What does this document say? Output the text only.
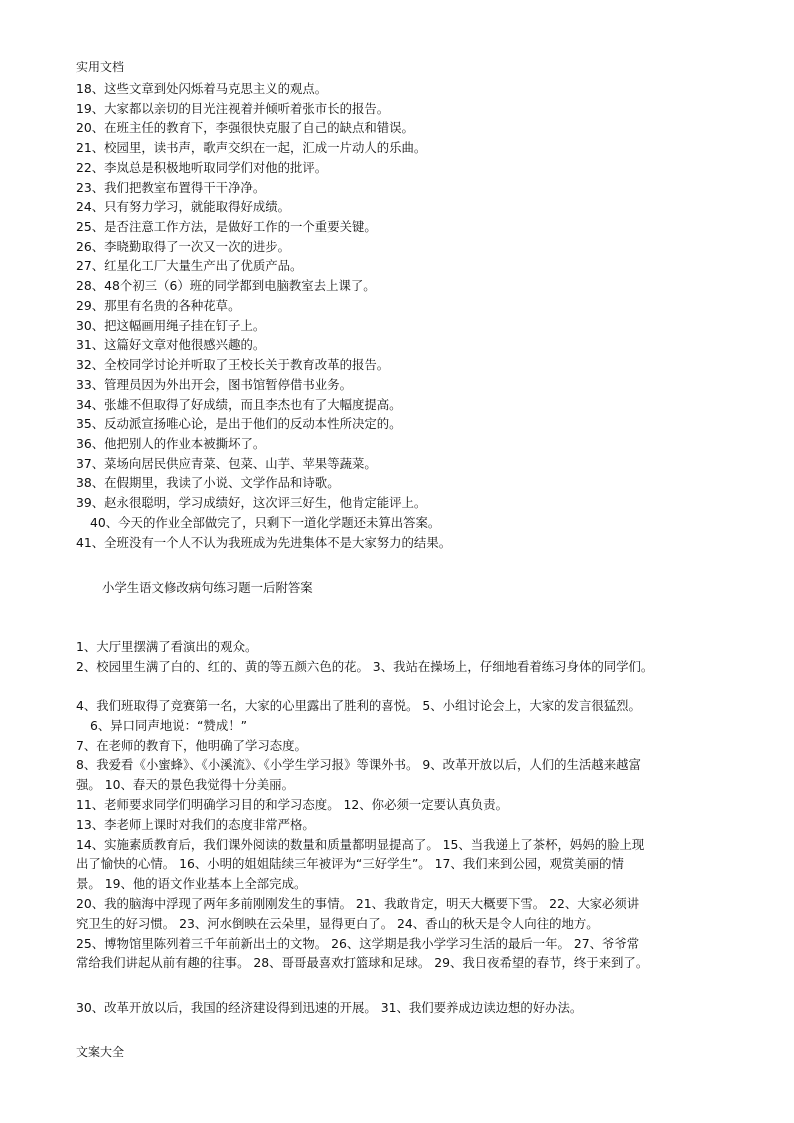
实用文档
18、这些文章到处闪烁着马克思主义的观点。
19、大家都以亲切的目光注视着并倾听着张市长的报告。
20、在班主任的教育下，李强很快克服了自己的缺点和错误。
21、校园里，读书声，歌声交织在一起，汇成一片动人的乐曲。
22、李岚总是积极地听取同学们对他的批评。
23、我们把教室布置得干干净净。
24、只有努力学习，就能取得好成绩。
25、是否注意工作方法，是做好工作的一个重要关键。
26、李晓勤取得了一次又一次的进步。
27、红星化工厂大量生产出了优质产品。
28、48个初三（6）班的同学都到电脑教室去上课了。
29、那里有名贵的各种花草。
30、把这幅画用绳子挂在钉子上。
31、这篇好文章对他很感兴趣的。
32、全校同学讨论并听取了王校长关于教育改革的报告。
33、管理员因为外出开会，图书馆暂停借书业务。
34、张雄不但取得了好成绩，而且李杰也有了大幅度提高。
35、反动派宣扬唯心论，是出于他们的反动本性所决定的。
36、他把别人的作业本被撕坏了。
37、菜场向居民供应青菜、包菜、山芋、苹果等蔬菜。
38、在假期里，我读了小说、文学作品和诗歌。
39、赵永很聪明，学习成绩好，这次评三好生，他肯定能评上。
40、今天的作业全部做完了，只剩下一道化学题还未算出答案。
41、全班没有一个人不认为我班成为先进集体不是大家努力的结果。
小学生语文修改病句练习题一后附答案
1、大厅里摆满了看演出的观众。
2、校园里生满了白的、红的、黄的等五颜六色的花。 3、我站在操场上，仔细地看着练习身体的同学们。
4、我们班取得了竞赛第一名，大家的心里露出了胜利的喜悦。 5、小组讨论会上，大家的发言很猛烈。
6、异口同声地说：“赞成！”
7、在老师的教育下，他明确了学习态度。
8、我爱看《小蜜蜂》、《小溪流》、《小学生学习报》等课外书。 9、改革开放以后，人们的生活越来越富
强。 10、春天的景色我觉得十分美丽。
11、老师要求同学们明确学习目的和学习态度。 12、你必须一定要认真负责。
13、李老师上课时对我们的态度非常严格。
14、实施素质教育后，我们课外阅读的数量和质量都明显提高了。 15、当我递上了茶杯，妈妈的脸上现
出了愉快的心情。 16、小明的姐姐陆续三年被评为“三好学生”。 17、我们来到公园，观赏美丽的情
景。 19、他的语文作业基本上全部完成。
20、我的脑海中浮现了两年多前刚刚发生的事情。 21、我敢肯定，明天大概要下雪。 22、大家必须讲
究卫生的好习惯。 23、河水倒映在云朵里，显得更白了。 24、香山的秋天是令人向往的地方。
25、博物馆里陈列着三千年前新出土的文物。 26、这学期是我小学学习生活的最后一年。 27、爷爷常
常给我们讲起从前有趣的往事。 28、哥哥最喜欢打篮球和足球。 29、我日夜希望的春节，终于来到了。
30、改革开放以后，我国的经济建设得到迅速的开展。 31、我们要养成边读边想的好办法。
文案大全
